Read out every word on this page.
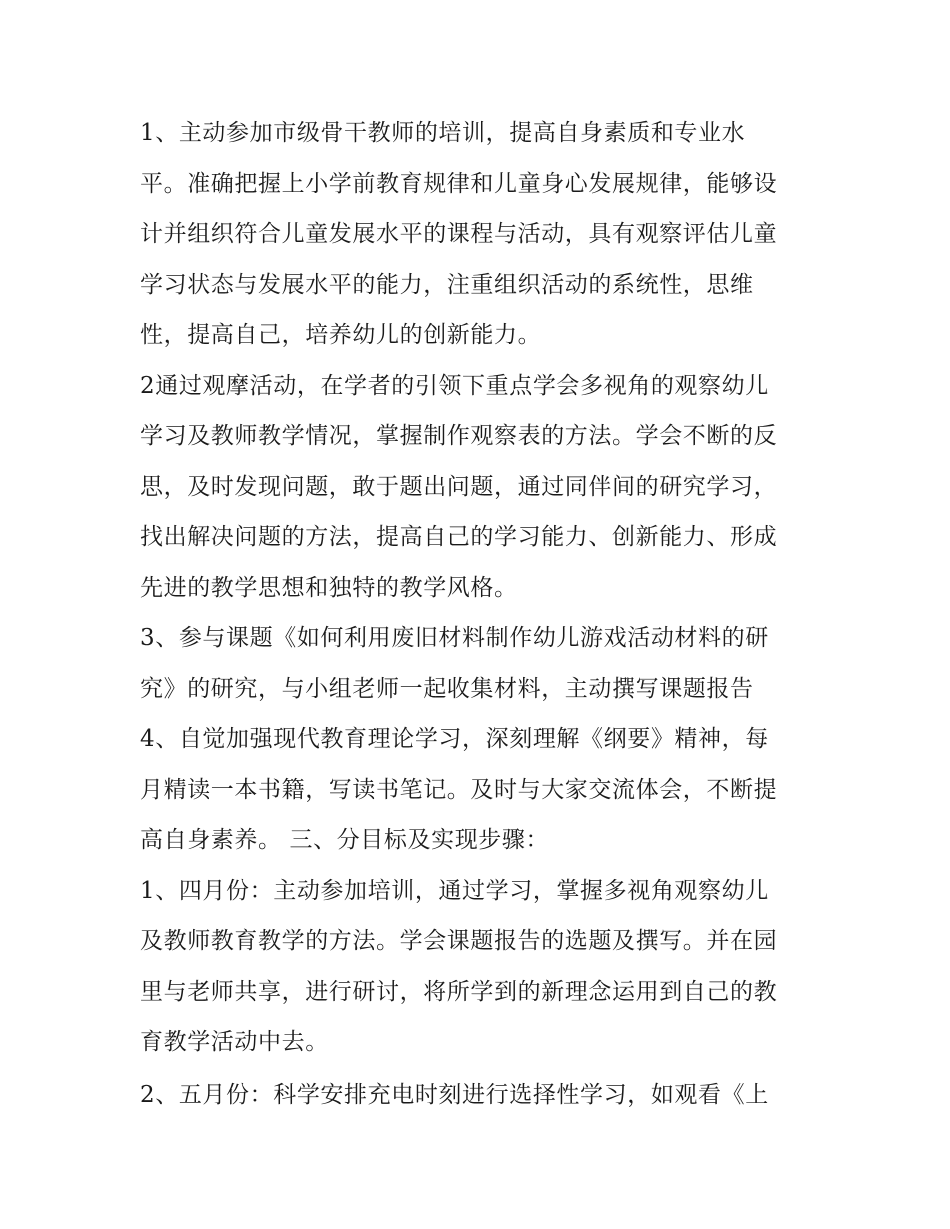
1、主动参加市级骨干教师的培训，提高自身素质和专业水
平。准确把握上小学前教育规律和儿童身心发展规律，能够设
计并组织符合儿童发展水平的课程与活动，具有观察评估儿童
学习状态与发展水平的能力，注重组织活动的系统性，思维
性，提高自己，培养幼儿的创新能力。
2通过观摩活动，在学者的引领下重点学会多视角的观察幼儿
学习及教师教学情况，掌握制作观察表的方法。学会不断的反
思，及时发现问题，敢于题出问题，通过同伴间的研究学习，
找出解决问题的方法，提高自己的学习能力、创新能力、形成
先进的教学思想和独特的教学风格。
3、参与课题《如何利用废旧材料制作幼儿游戏活动材料的研
究》的研究，与小组老师一起收集材料，主动撰写课题报告
4、自觉加强现代教育理论学习，深刻理解《纲要》精神，每
月精读一本书籍，写读书笔记。及时与大家交流体会，不断提
高自身素养。 三、分目标及实现步骤：
1、四月份：主动参加培训，通过学习，掌握多视角观察幼儿
及教师教育教学的方法。学会课题报告的选题及撰写。并在园
里与老师共享，进行研讨，将所学到的新理念运用到自己的教
育教学活动中去。
2、五月份：科学安排充电时刻进行选择性学习，如观看《上
